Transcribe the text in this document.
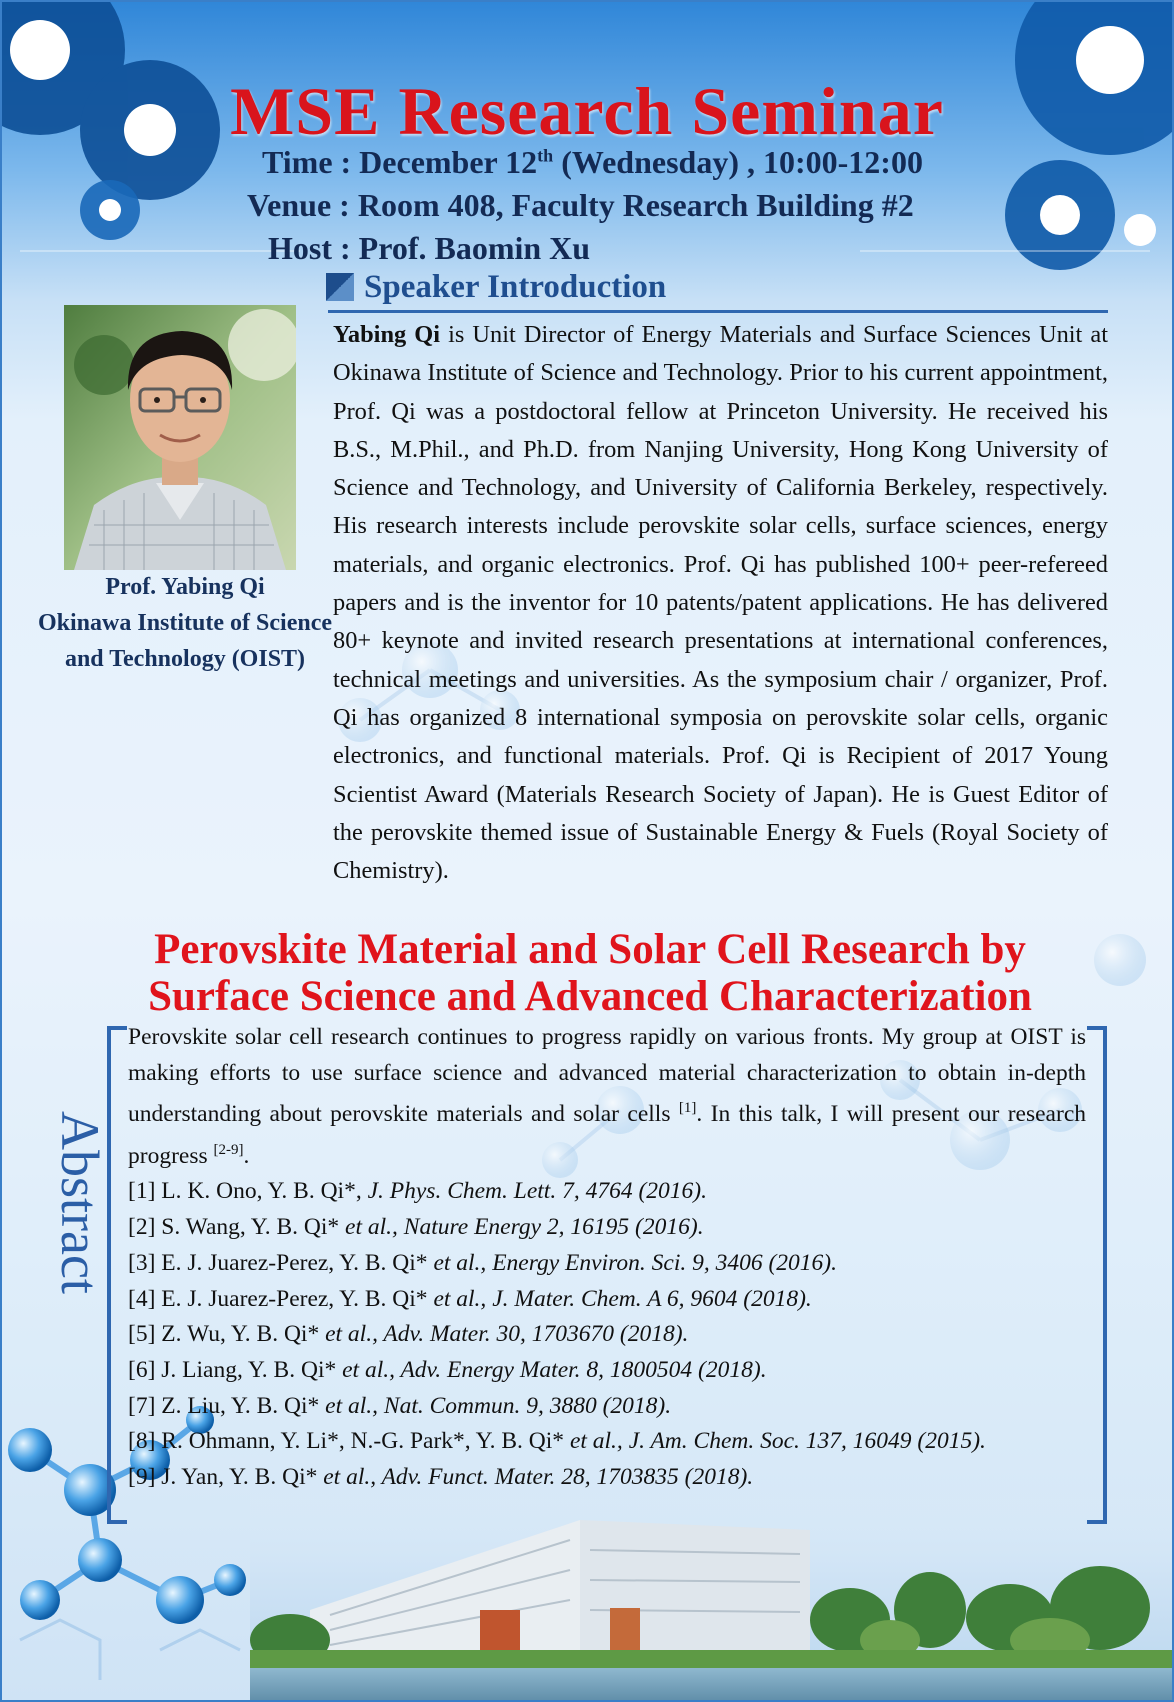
MSE Research Seminar
Time : December 12th (Wednesday) , 10:00-12:00
Venue : Room 408, Faculty Research Building #2
Host : Prof. Baomin Xu
Speaker Introduction
Prof. Yabing Qi
Okinawa Institute of Science
and Technology (OIST)
Yabing Qi is Unit Director of Energy Materials and Surface Sciences Unit at Okinawa Institute of Science and Technology. Prior to his current appointment, Prof. Qi was a postdoctoral fellow at Princeton University. He received his B.S., M.Phil., and Ph.D. from Nanjing University, Hong Kong University of Science and Technology, and University of California Berkeley, respectively. His research interests include perovskite solar cells, surface sciences, energy materials, and organic electronics. Prof. Qi has published 100+ peer-refereed papers and is the inventor for 10 patents/patent applications. He has delivered 80+ keynote and invited research presentations at international conferences, technical meetings and universities. As the symposium chair / organizer, Prof. Qi has organized 8 international symposia on perovskite solar cells, organic electronics, and functional materials. Prof. Qi is Recipient of 2017 Young Scientist Award (Materials Research Society of Japan). He is Guest Editor of the perovskite themed issue of Sustainable Energy & Fuels (Royal Society of Chemistry).
Perovskite Material and Solar Cell Research by
Surface Science and Advanced Characterization
Abstract

Perovskite solar cell research continues to progress rapidly on various fronts. My group at OIST is making efforts to use surface science and advanced material characterization to obtain in-depth understanding about perovskite materials and solar cells [1]. In this talk, I will present our research progress [2-9].

[1] L. K. Ono, Y. B. Qi*, J. Phys. Chem. Lett. 7, 4764 (2016).

[2] S. Wang, Y. B. Qi* et al., Nature Energy 2, 16195 (2016).

[3] E. J. Juarez-Perez, Y. B. Qi* et al., Energy Environ. Sci. 9, 3406 (2016).

[4] E. J. Juarez-Perez, Y. B. Qi* et al., J. Mater. Chem. A 6, 9604 (2018).

[5] Z. Wu, Y. B. Qi* et al., Adv. Mater. 30, 1703670 (2018).

[6] J. Liang, Y. B. Qi* et al., Adv. Energy Mater. 8, 1800504 (2018).

[7] Z. Liu, Y. B. Qi* et al., Nat. Commun. 9, 3880 (2018).

[8] R. Ohmann, Y. Li*, N.-G. Park*, Y. B. Qi* et al., J. Am. Chem. Soc. 137, 16049 (2015).

[9] J. Yan, Y. B. Qi* et al., Adv. Funct. Mater. 28, 1703835 (2018).
